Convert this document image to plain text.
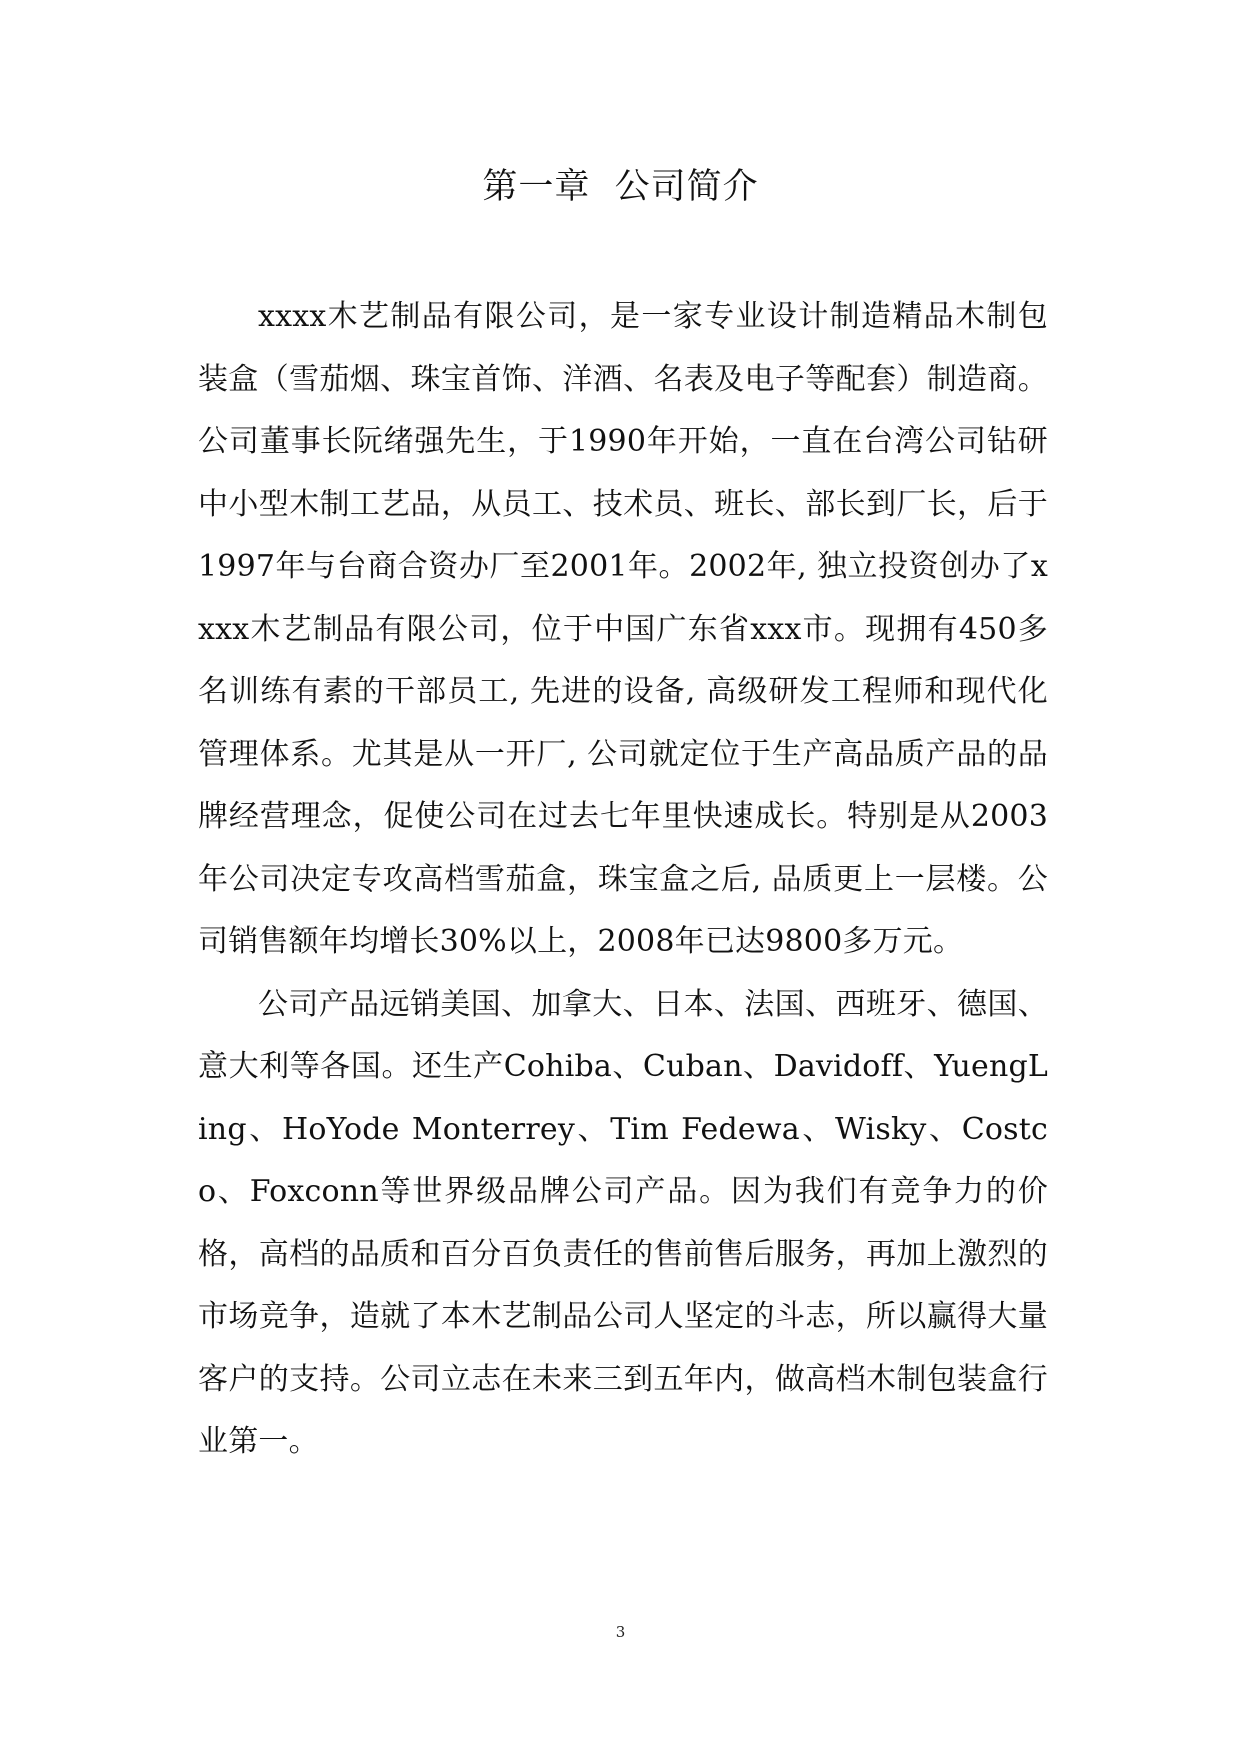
第一章  公司简介

xxxx木艺制品有限公司，是一家专业设计制造精品木制包装盒（雪茄烟、珠宝首饰、洋酒、名表及电子等配套）制造商。公司董事长阮绪强先生，于1990年开始，一直在台湾公司钻研中小型木制工艺品，从员工、技术员、班长、部长到厂长，后于1997年与台商合资办厂至2001年。2002年, 独立投资创办了xxxx木艺制品有限公司，位于中国广东省xxx市。现拥有450多名训练有素的干部员工, 先进的设备, 高级研发工程师和现代化管理体系。尤其是从一开厂, 公司就定位于生产高品质产品的品牌经营理念，促使公司在过去七年里快速成长。特别是从2003年公司决定专攻高档雪茄盒，珠宝盒之后, 品质更上一层楼。公司销售额年均增长30%以上，2008年已达9800多万元。

公司产品远销美国、加拿大、日本、法国、西班牙、德国、意大利等各国。还生产Cohiba、Cuban、Davidoff、YuengLing、HoYode Monterrey、Tim Fedewa、Wisky、Costco、Foxconn等世界级品牌公司产品。因为我们有竞争力的价格，高档的品质和百分百负责任的售前售后服务，再加上激烈的市场竞争，造就了本木艺制品公司人坚定的斗志，所以赢得大量客户的支持。公司立志在未来三到五年内，做高档木制包装盒行业第一。

3
